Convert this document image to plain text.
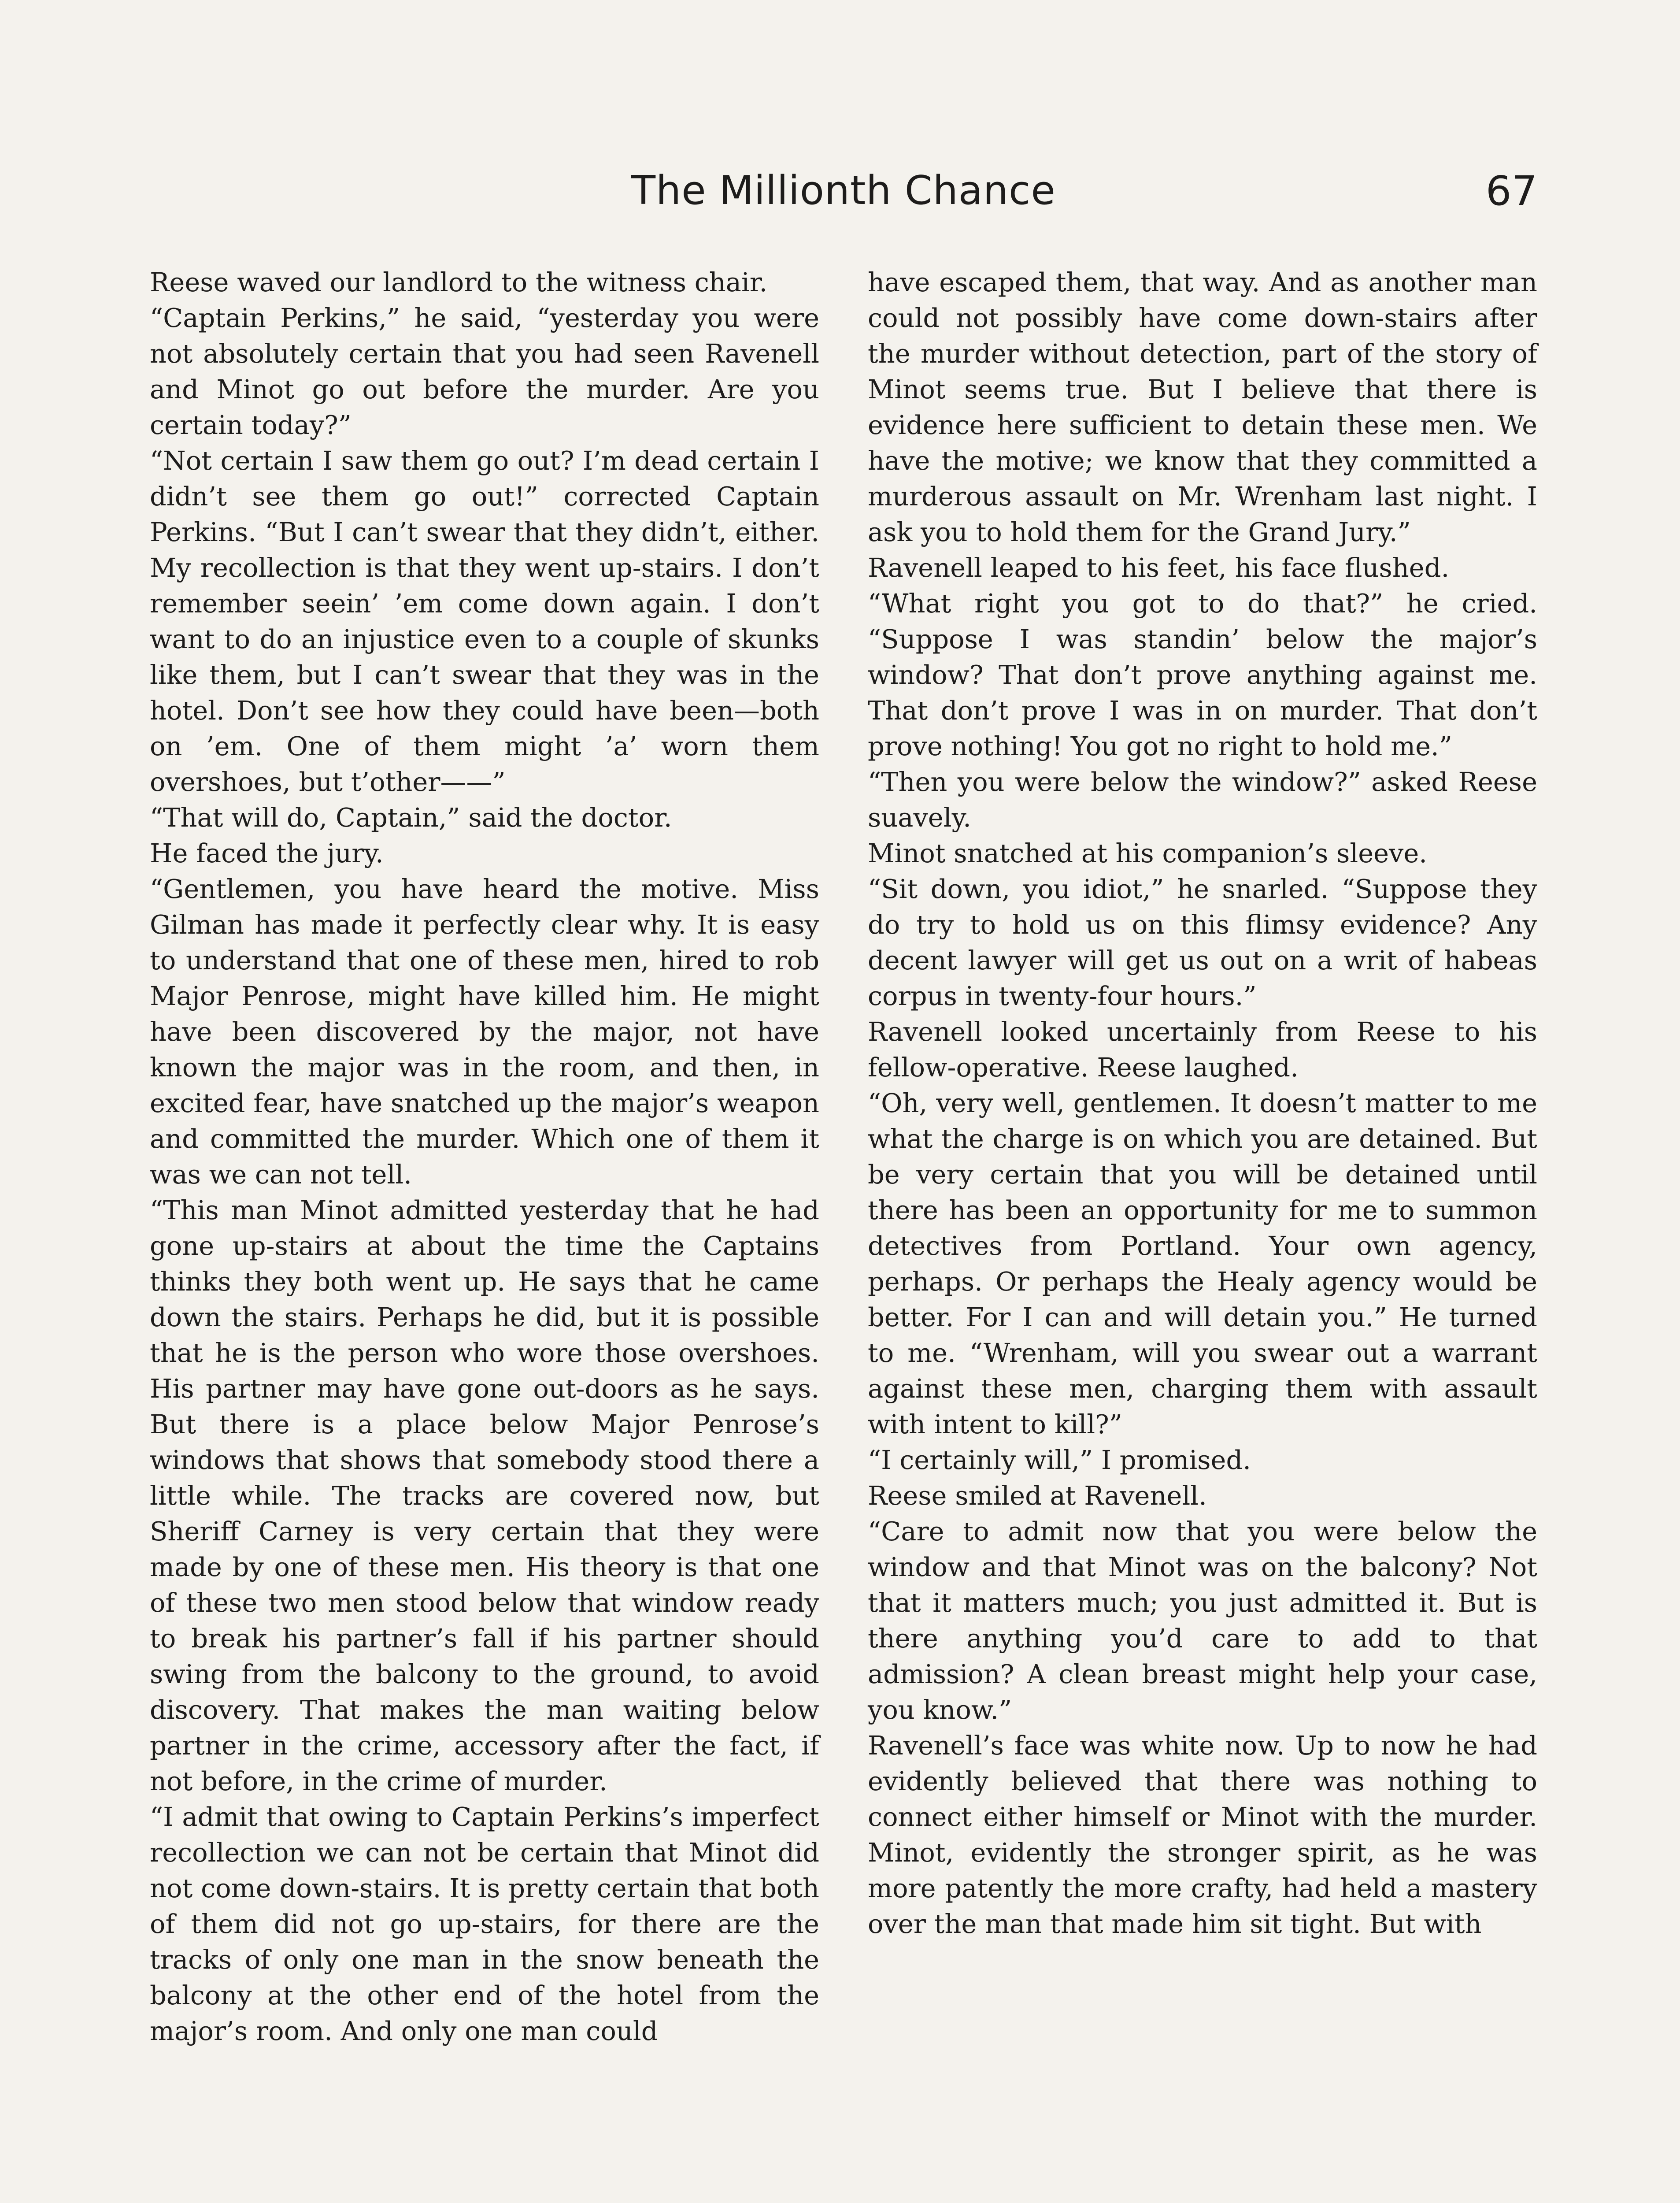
The Millionth Chance	67

Reese waved our landlord to the witness chair.

“Captain Perkins,” he said, “yesterday you were not absolutely certain that you had seen Ravenell and Minot go out before the murder. Are you certain today?”

“Not certain I saw them go out? I’m dead certain I didn’t see them go out!” corrected Captain Perkins. “But I can’t swear that they didn’t, either. My recollection is that they went up-stairs. I don’t remember seein’ ’em come down again. I don’t want to do an injustice even to a couple of skunks like them, but I can’t swear that they was in the hotel. Don’t see how they could have been—both on ’em. One of them might ’a’ worn them overshoes, but t’other——”

“That will do, Captain,” said the doctor.

He faced the jury.

“Gentlemen, you have heard the motive. Miss Gilman has made it perfectly clear why. It is easy to understand that one of these men, hired to rob Major Penrose, might have killed him. He might have been discovered by the major, not have known the major was in the room, and then, in excited fear, have snatched up the major’s weapon and committed the murder. Which one of them it was we can not tell.

“This man Minot admitted yesterday that he had gone up-stairs at about the time the Captains thinks they both went up. He says that he came down the stairs. Perhaps he did, but it is possible that he is the person who wore those overshoes. His partner may have gone out-doors as he says. But there is a place below Major Penrose’s windows that shows that somebody stood there a little while. The tracks are covered now, but Sheriff Carney is very certain that they were made by one of these men. His theory is that one of these two men stood below that window ready to break his partner’s fall if his partner should swing from the balcony to the ground, to avoid discovery. That makes the man waiting below partner in the crime, accessory after the fact, if not before, in the crime of murder.

“I admit that owing to Captain Perkins’s imperfect recollection we can not be certain that Minot did not come down-stairs. It is pretty certain that both of them did not go up-stairs, for there are the tracks of only one man in the snow beneath the balcony at the other end of the hotel from the major’s room. And only one man could

have escaped them, that way. And as another man could not possibly have come down-stairs after the murder without detection, part of the story of Minot seems true. But I believe that there is evidence here sufficient to detain these men. We have the motive; we know that they committed a murderous assault on Mr. Wrenham last night. I ask you to hold them for the Grand Jury.”

Ravenell leaped to his feet, his face flushed.

“What right you got to do that?” he cried. “Suppose I was standin’ below the major’s window? That don’t prove anything against me. That don’t prove I was in on murder. That don’t prove nothing! You got no right to hold me.”

“Then you were below the window?” asked Reese suavely.

Minot snatched at his companion’s sleeve.

“Sit down, you idiot,” he snarled. “Suppose they do try to hold us on this flimsy evidence? Any decent lawyer will get us out on a writ of habeas corpus in twenty-four hours.”

Ravenell looked uncertainly from Reese to his fellow-operative. Reese laughed.

“Oh, very well, gentlemen. It doesn’t matter to me what the charge is on which you are detained. But be very certain that you will be detained until there has been an opportunity for me to summon detectives from Portland. Your own agency, perhaps. Or perhaps the Healy agency would be better. For I can and will detain you.” He turned to me. “Wrenham, will you swear out a warrant against these men, charging them with assault with intent to kill?”

“I certainly will,” I promised.

Reese smiled at Ravenell.

“Care to admit now that you were below the window and that Minot was on the balcony? Not that it matters much; you just admitted it. But is there anything you’d care to add to that admission? A clean breast might help your case, you know.”

Ravenell’s face was white now. Up to now he had evidently believed that there was nothing to connect either himself or Minot with the murder. Minot, evidently the stronger spirit, as he was more patently the more crafty, had held a mastery over the man that made him sit tight. But with
